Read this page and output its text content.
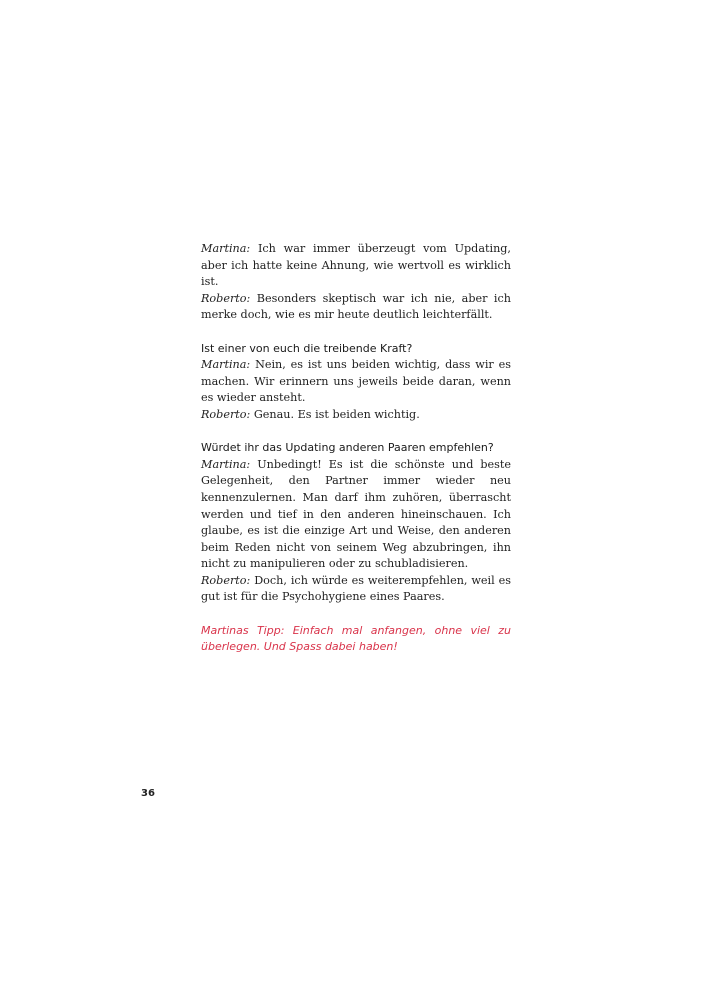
Martina: Ich war immer überzeugt vom Updating, aber ich hatte keine Ahnung, wie wertvoll es wirklich ist.

Roberto: Besonders skeptisch war ich nie, aber ich merke doch, wie es mir heute deutlich leichterfällt.

Ist einer von euch die treibende Kraft?

Martina: Nein, es ist uns beiden wichtig, dass wir es machen. Wir erinnern uns jeweils beide daran, wenn es wieder ansteht.

Roberto: Genau. Es ist beiden wichtig.

Würdet ihr das Updating anderen Paaren empfehlen?

Martina: Unbedingt! Es ist die schönste und beste Gelegenheit, den Partner immer wieder neu kennenzulernen. Man darf ihm zuhören, überrascht werden und tief in den anderen hineinschauen. Ich glaube, es ist die einzige Art und Weise, den anderen beim Reden nicht von seinem Weg abzubringen, ihn nicht zu manipulieren oder zu schubladisieren.

Roberto: Doch, ich würde es weiterempfehlen, weil es gut ist für die Psychohygiene eines Paares.

Martinas Tipp: Einfach mal anfangen, ohne viel zu überlegen. Und Spass dabei haben!

36
